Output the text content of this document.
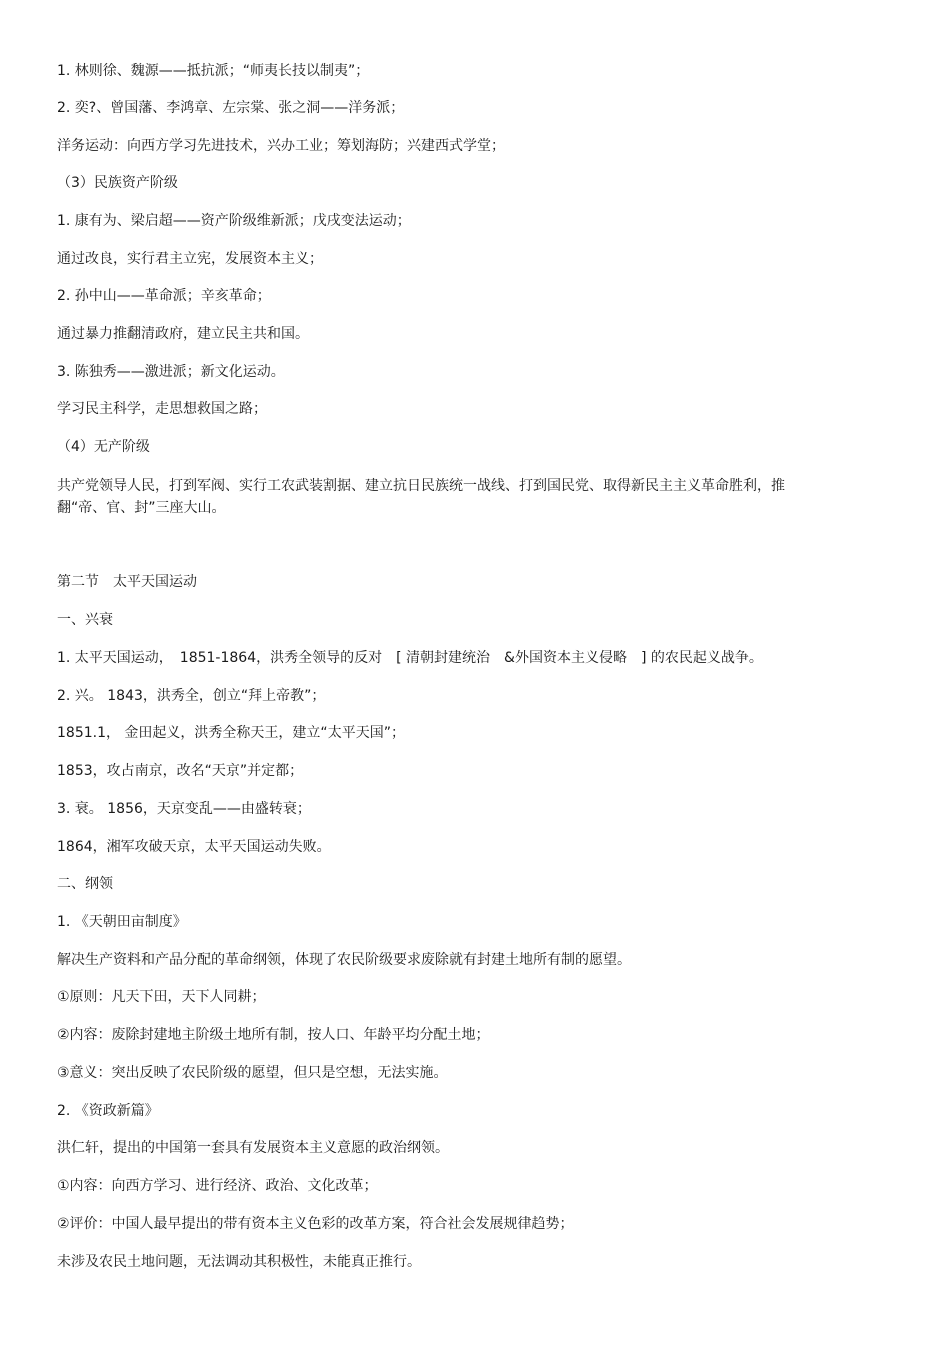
1. 林则徐、魏源——抵抗派；“师夷长技以制夷”；
2. 奕?、曾国藩、李鸿章、左宗棠、张之洞——洋务派；
洋务运动：向西方学习先进技术，兴办工业；筹划海防；兴建西式学堂；
（3）民族资产阶级
1. 康有为、梁启超——资产阶级维新派；戊戌变法运动；
通过改良，实行君主立宪，发展资本主义；
2. 孙中山——革命派；辛亥革命；
通过暴力推翻清政府，建立民主共和国。
3. 陈独秀——激进派；新文化运动。
学习民主科学，走思想救国之路；
（4）无产阶级
共产党领导人民，打到军阀、实行工农武装割据、建立抗日民族统一战线、打到国民党、取得新民主主义革命胜利，推翻“帝、官、封”三座大山。
第二节　太平天国运动
一、兴衰
1. 太平天国运动，　1851-1864，洪秀全领导的反对　[ 清朝封建统治　&外国资本主义侵略　] 的农民起义战争。
2. 兴。 1843，洪秀全，创立“拜上帝教”；
1851.1， 金田起义，洪秀全称天王，建立“太平天国”；
1853，攻占南京，改名“天京”并定都；
3. 衰。 1856，天京变乱——由盛转衰；
1864，湘军攻破天京，太平天国运动失败。
二、纲领
1. 《天朝田亩制度》
解决生产资料和产品分配的革命纲领，体现了农民阶级要求废除就有封建土地所有制的愿望。
①原则：凡天下田，天下人同耕；
②内容：废除封建地主阶级土地所有制，按人口、年龄平均分配土地；
③意义：突出反映了农民阶级的愿望，但只是空想，无法实施。
2. 《资政新篇》
洪仁轩，提出的中国第一套具有发展资本主义意愿的政治纲领。
①内容：向西方学习、进行经济、政治、文化改革；
②评价：中国人最早提出的带有资本主义色彩的改革方案，符合社会发展规律趋势；
未涉及农民土地问题，无法调动其积极性，未能真正推行。
